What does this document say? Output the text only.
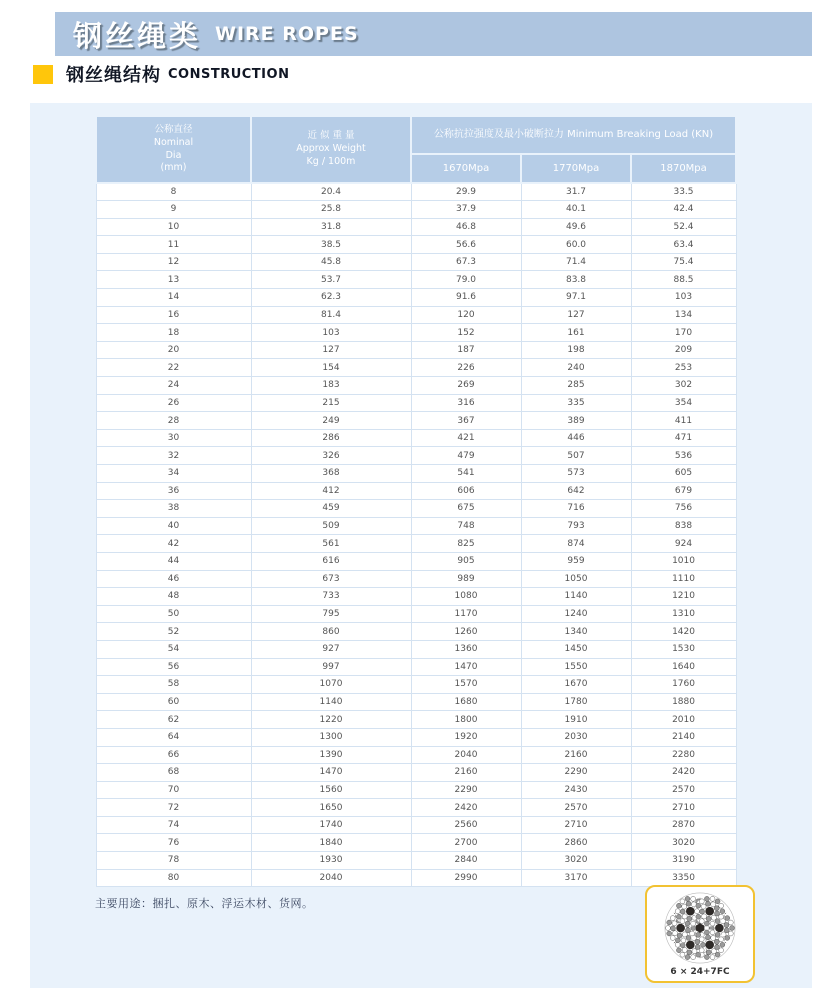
钢丝绳类 WIRE ROPES
钢丝绳结构 CONSTRUCTION
公称直径
Nominal
Dia
(mm)

近 似 重 量
Approx Weight
Kg / 100m
	公称抗拉强度及最小破断拉力 Minimum Breaking Load (KN)
		1670Mpa	1770Mpa	1870Mpa
8	20.4	29.9	31.7	33.5
9	25.8	37.9	40.1	42.4
10	31.8	46.8	49.6	52.4
11	38.5	56.6	60.0	63.4
12	45.8	67.3	71.4	75.4
13	53.7	79.0	83.8	88.5
14	62.3	91.6	97.1	103
16	81.4	120	127	134
18	103	152	161	170
20	127	187	198	209
22	154	226	240	253
24	183	269	285	302
26	215	316	335	354
28	249	367	389	411
30	286	421	446	471
32	326	479	507	536
34	368	541	573	605
36	412	606	642	679
38	459	675	716	756
40	509	748	793	838
42	561	825	874	924
44	616	905	959	1010
46	673	989	1050	1110
48	733	1080	1140	1210
50	795	1170	1240	1310
52	860	1260	1340	1420
54	927	1360	1450	1530
56	997	1470	1550	1640
58	1070	1570	1670	1760
60	1140	1680	1780	1880
62	1220	1800	1910	2010
64	1300	1920	2030	2140
66	1390	2040	2160	2280
68	1470	2160	2290	2420
70	1560	2290	2430	2570
72	1650	2420	2570	2710
74	1740	2560	2710	2870
76	1840	2700	2860	3020
78	1930	2840	3020	3190
80	2040	2990	3170	3350
主要用途：捆扎、原木、浮运木材、货网。
6 × 24+7FC
